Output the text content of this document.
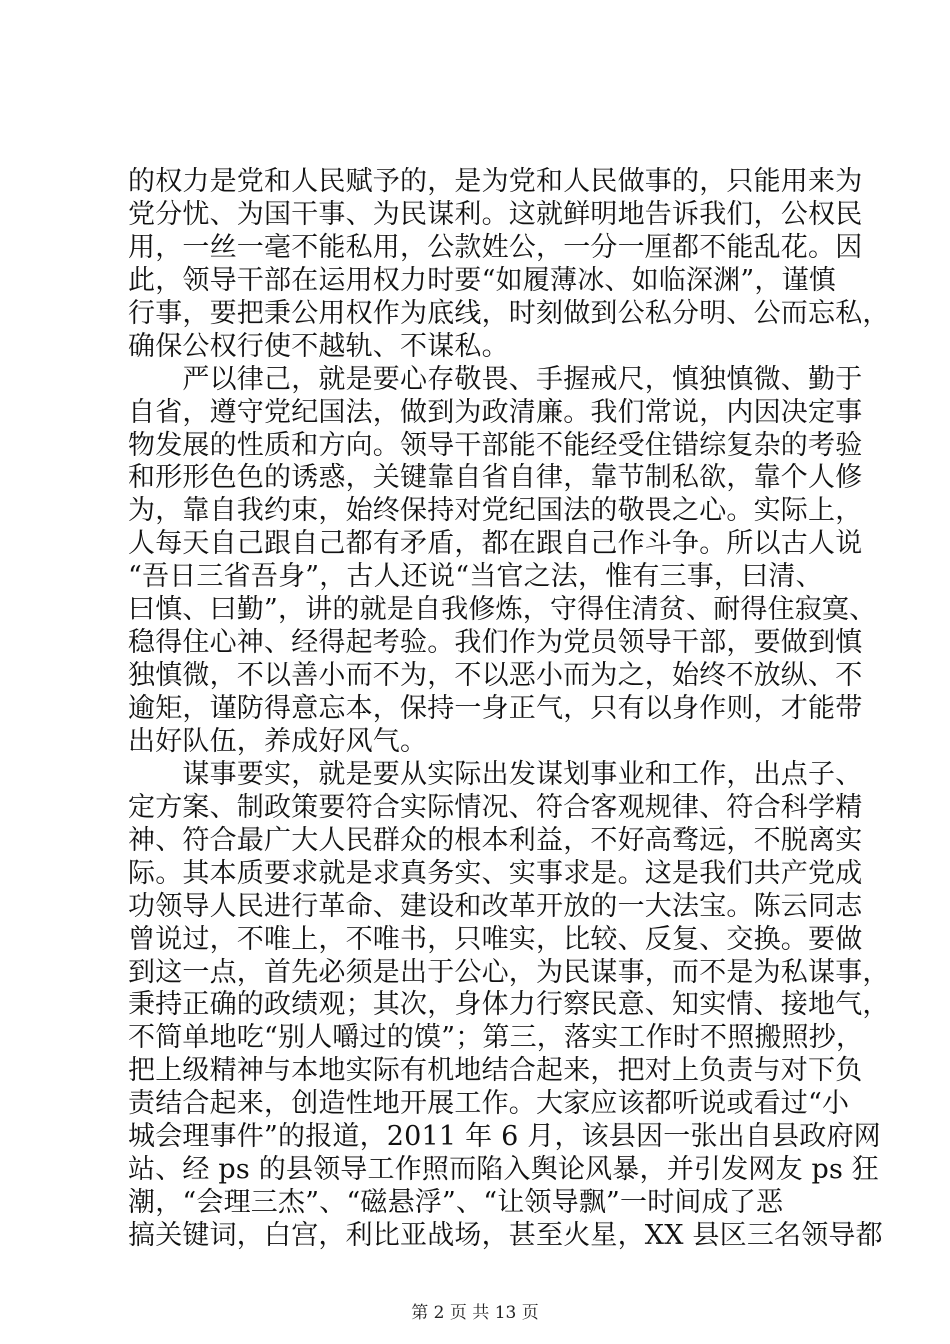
的权力是党和人民赋予的，是为党和人民做事的，只能用来为
党分忧、为国干事、为民谋利。这就鲜明地告诉我们，公权民
用，一丝一毫不能私用，公款姓公，一分一厘都不能乱花。因
此，领导干部在运用权力时要“如履薄冰、如临深渊”，谨慎
行事，要把秉公用权作为底线，时刻做到公私分明、公而忘私，
确保公权行使不越轨、不谋私。
　　严以律己，就是要心存敬畏、手握戒尺，慎独慎微、勤于
自省，遵守党纪国法，做到为政清廉。我们常说，内因决定事
物发展的性质和方向。领导干部能不能经受住错综复杂的考验
和形形色色的诱惑，关键靠自省自律，靠节制私欲，靠个人修
为，靠自我约束，始终保持对党纪国法的敬畏之心。实际上，
人每天自己跟自己都有矛盾，都在跟自己作斗争。所以古人说
“吾日三省吾身”，古人还说“当官之法，惟有三事，曰清、
曰慎、曰勤”，讲的就是自我修炼，守得住清贫、耐得住寂寞、
稳得住心神、经得起考验。我们作为党员领导干部，要做到慎
独慎微，不以善小而不为，不以恶小而为之，始终不放纵、不
逾矩，谨防得意忘本，保持一身正气，只有以身作则，才能带
出好队伍，养成好风气。
　　谋事要实，就是要从实际出发谋划事业和工作，出点子、
定方案、制政策要符合实际情况、符合客观规律、符合科学精
神、符合最广大人民群众的根本利益，不好高骛远，不脱离实
际。其本质要求就是求真务实、实事求是。这是我们共产党成
功领导人民进行革命、建设和改革开放的一大法宝。陈云同志
曾说过，不唯上，不唯书，只唯实，比较、反复、交换。要做
到这一点，首先必须是出于公心，为民谋事，而不是为私谋事，
秉持正确的政绩观；其次，身体力行察民意、知实情、接地气，
不简单地吃“别人嚼过的馍”；第三，落实工作时不照搬照抄，
把上级精神与本地实际有机地结合起来，把对上负责与对下负
责结合起来，创造性地开展工作。大家应该都听说或看过“小
城会理事件”的报道，2011 年 6 月，该县因一张出自县政府网
站、经 ps 的县领导工作照而陷入舆论风暴，并引发网友 ps 狂
潮，“会理三杰”、“磁悬浮”、“让领导飘”一时间成了恶
搞关键词，白宫，利比亚战场，甚至火星，XX 县区三名领导都
第 2 页 共 13 页
